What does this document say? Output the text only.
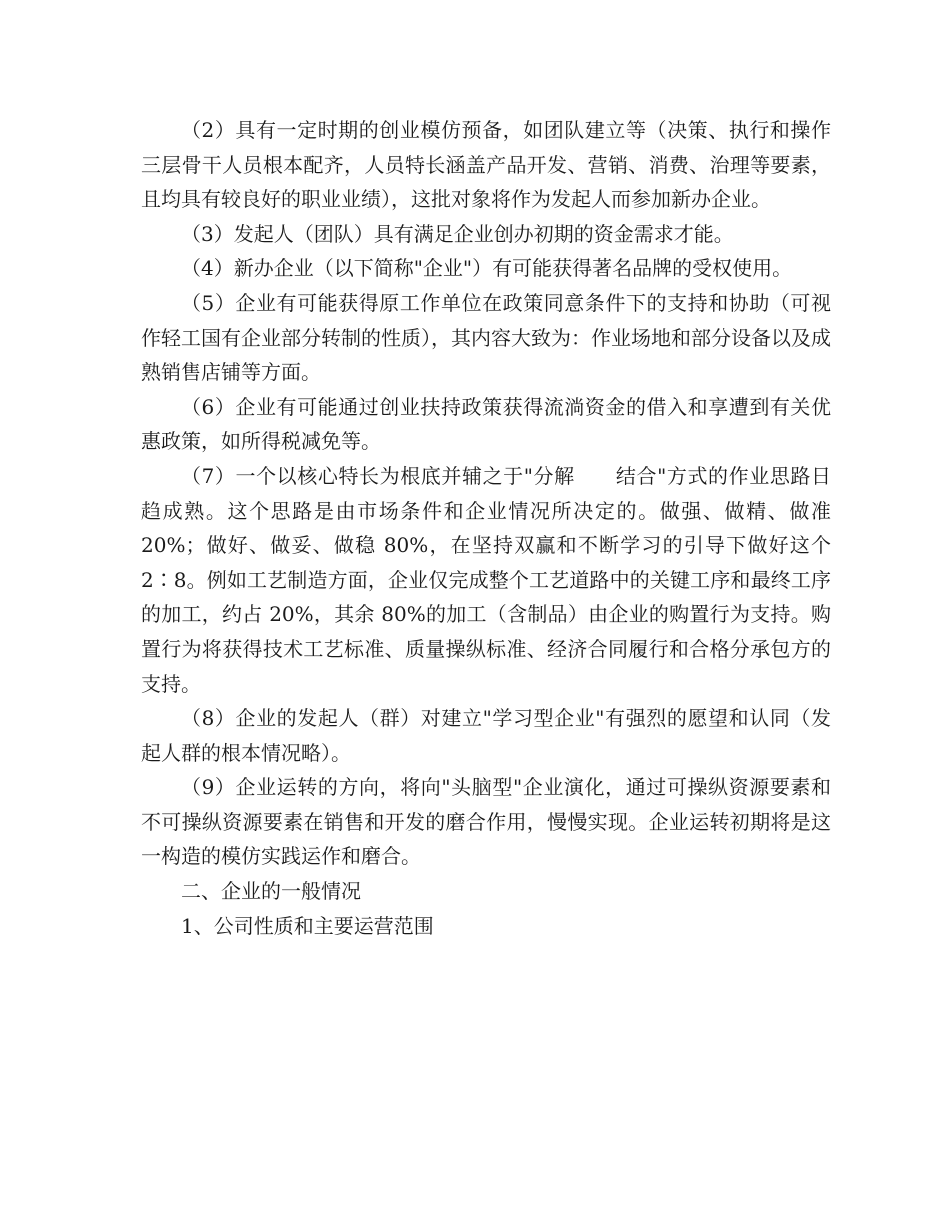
（2）具有一定时期的创业模仿预备，如团队建立等（决策、执行和操作三层骨干人员根本配齐，人员特长涵盖产品开发、营销、消费、治理等要素，且均具有较良好的职业业绩），这批对象将作为发起人而参加新办企业。

（3）发起人（团队）具有满足企业创办初期的资金需求才能。

（4）新办企业（以下简称"企业"）有可能获得著名品牌的受权使用。

（5）企业有可能获得原工作单位在政策同意条件下的支持和协助（可视作轻工国有企业部分转制的性质），其内容大致为：作业场地和部分设备以及成熟销售店铺等方面。

（6）企业有可能通过创业扶持政策获得流淌资金的借入和享遭到有关优惠政策，如所得税减免等。

（7）一个以核心特长为根底并辅之于"分解　　结合"方式的作业思路日趋成熟。这个思路是由市场条件和企业情况所决定的。做强、做精、做准 20%；做好、做妥、做稳 80%，在坚持双赢和不断学习的引导下做好这个 2∶8。例如工艺制造方面，企业仅完成整个工艺道路中的关键工序和最终工序的加工，约占 20%，其余 80%的加工（含制品）由企业的购置行为支持。购置行为将获得技术工艺标准、质量操纵标准、经济合同履行和合格分承包方的支持。

（8）企业的发起人（群）对建立"学习型企业"有强烈的愿望和认同（发起人群的根本情况略）。

（9）企业运转的方向，将向"头脑型"企业演化，通过可操纵资源要素和不可操纵资源要素在销售和开发的磨合作用，慢慢实现。企业运转初期将是这一构造的模仿实践运作和磨合。

二、企业的一般情况

1、公司性质和主要运营范围
